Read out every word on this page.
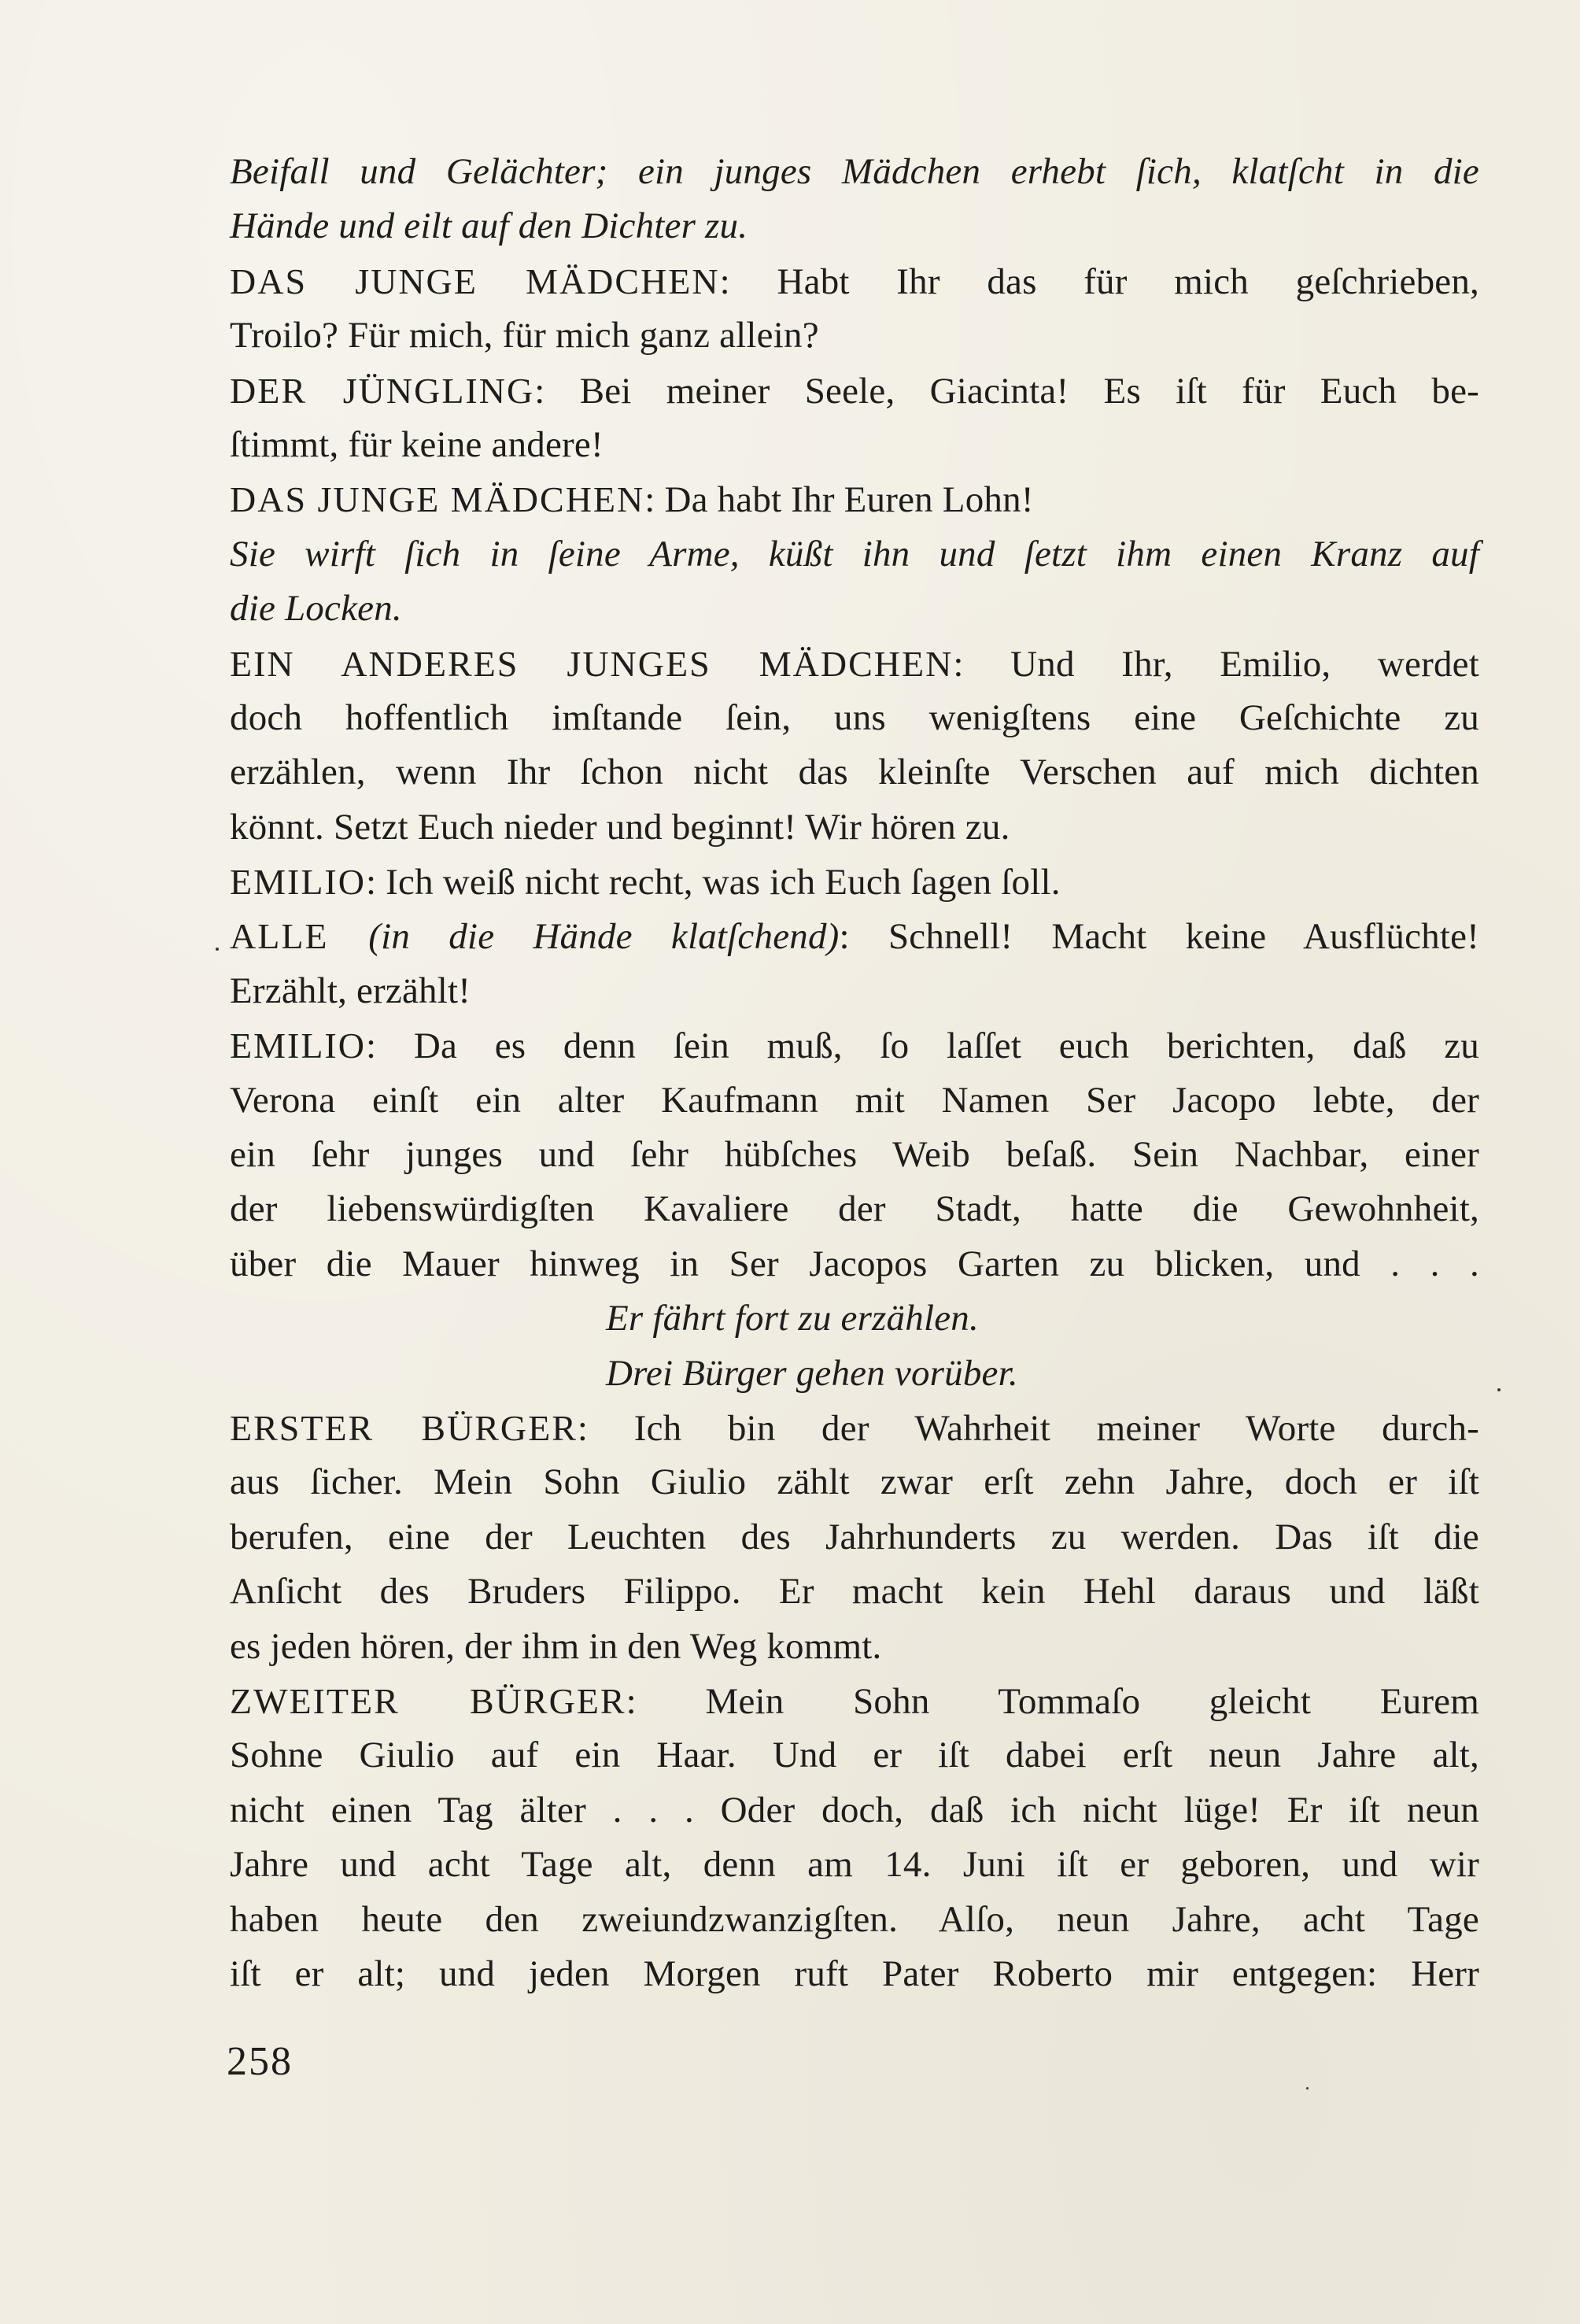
Beifall und Gelächter; ein junges Mädchen erhebt ſich, klatſcht in die
Hände und eilt auf den Dichter zu.
DAS JUNGE MÄDCHEN: Habt Ihr das für mich geſchrieben,
Troilo? Für mich, für mich ganz allein?
DER JÜNGLING: Bei meiner Seele, Giacinta! Es iſt für Euch be-
ſtimmt, für keine andere!
DAS JUNGE MÄDCHEN: Da habt Ihr Euren Lohn!
Sie wirft ſich in ſeine Arme, küßt ihn und ſetzt ihm einen Kranz auf
die Locken.
EIN ANDERES JUNGES MÄDCHEN: Und Ihr, Emilio, werdet
doch hoffentlich imſtande ſein, uns wenigſtens eine Geſchichte zu
erzählen, wenn Ihr ſchon nicht das kleinſte Verschen auf mich dichten
könnt. Setzt Euch nieder und beginnt! Wir hören zu.
EMILIO: Ich weiß nicht recht, was ich Euch ſagen ſoll.
ALLE (in die Hände klatſchend): Schnell! Macht keine Ausflüchte!
Erzählt, erzählt!
EMILIO: Da es denn ſein muß, ſo laſſet euch berichten, daß zu
Verona einſt ein alter Kaufmann mit Namen Ser Jacopo lebte, der
ein ſehr junges und ſehr hübſches Weib beſaß. Sein Nachbar, einer
der liebenswürdigſten Kavaliere der Stadt, hatte die Gewohnheit,
über die Mauer hinweg in Ser Jacopos Garten zu blicken, und . . .
Er fährt fort zu erzählen.
Drei Bürger gehen vorüber.
ERSTER BÜRGER: Ich bin der Wahrheit meiner Worte durch-
aus ſicher. Mein Sohn Giulio zählt zwar erſt zehn Jahre, doch er iſt
berufen, eine der Leuchten des Jahrhunderts zu werden. Das iſt die
Anſicht des Bruders Filippo. Er macht kein Hehl daraus und läßt
es jeden hören, der ihm in den Weg kommt.
ZWEITER BÜRGER: Mein Sohn Tommaſo gleicht Eurem
Sohne Giulio auf ein Haar. Und er iſt dabei erſt neun Jahre alt,
nicht einen Tag älter . . . Oder doch, daß ich nicht lüge! Er iſt neun
Jahre und acht Tage alt, denn am 14. Juni iſt er geboren, und wir
haben heute den zweiundzwanzigſten. Alſo, neun Jahre, acht Tage
iſt er alt; und jeden Morgen ruft Pater Roberto mir entgegen: Herr
258
